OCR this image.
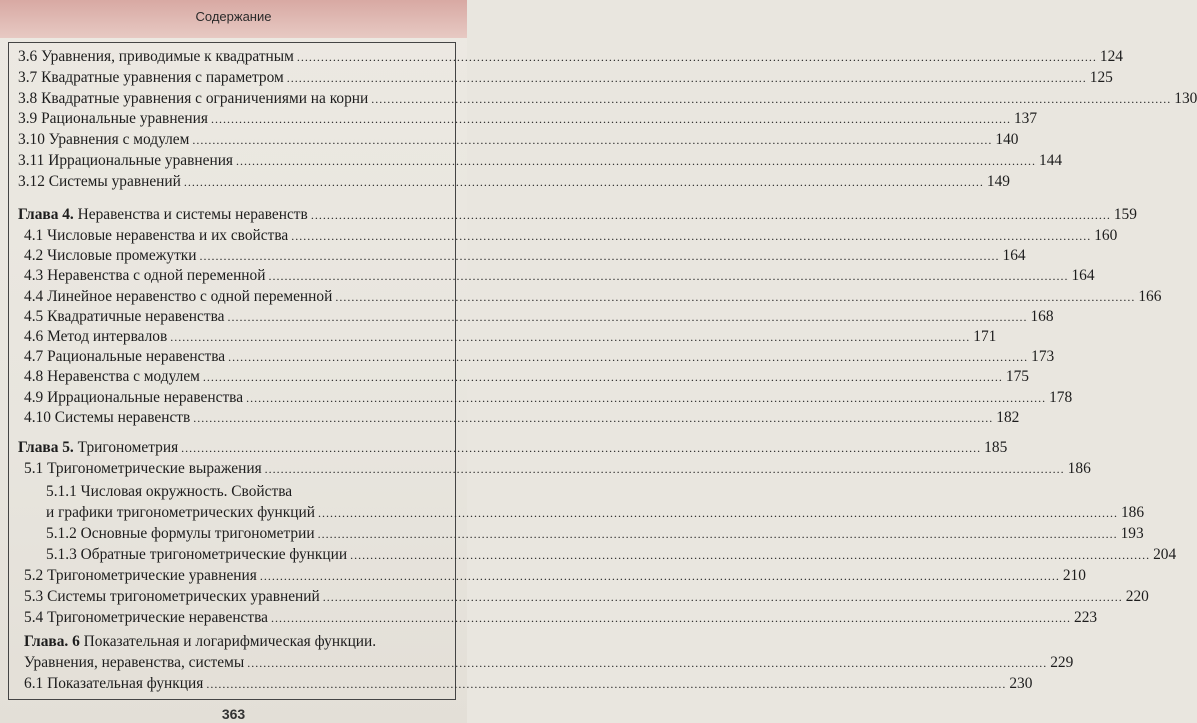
Содержание
3.6 Уравнения, приводимые к квадратным ........................................................................................................................................................................................................ 124
3.7 Квадратные уравнения с параметром ........................................................................................................................................................................................................ 125
3.8 Квадратные уравнения с ограничениями на корни ........................................................................................................................................................................................................ 130
3.9 Рациональные уравнения ........................................................................................................................................................................................................ 137
3.10 Уравнения с модулем ........................................................................................................................................................................................................ 140
3.11 Иррациональные уравнения ........................................................................................................................................................................................................ 144
3.12 Системы уравнений ........................................................................................................................................................................................................ 149
Глава 4. Неравенства и системы неравенств ........................................................................................................................................................................................................ 159
4.1 Числовые неравенства и их свойства ........................................................................................................................................................................................................ 160
4.2 Числовые промежутки ........................................................................................................................................................................................................ 164
4.3 Неравенства с одной переменной ........................................................................................................................................................................................................ 164
4.4 Линейное неравенство с одной переменной ........................................................................................................................................................................................................ 166
4.5 Квадратичные неравенства ........................................................................................................................................................................................................ 168
4.6 Метод интервалов ........................................................................................................................................................................................................ 171
4.7 Рациональные неравенства ........................................................................................................................................................................................................ 173
4.8 Неравенства с модулем ........................................................................................................................................................................................................ 175
4.9 Иррациональные неравенства ........................................................................................................................................................................................................ 178
4.10 Системы неравенств ........................................................................................................................................................................................................ 182
Глава 5. Тригонометрия ........................................................................................................................................................................................................ 185
5.1 Тригонометрические выражения ........................................................................................................................................................................................................ 186
5.1.1 Числовая окружность. Свойства
и графики тригонометрических функций ........................................................................................................................................................................................................ 186
5.1.2 Основные формулы тригонометрии ........................................................................................................................................................................................................ 193
5.1.3 Обратные тригонометрические функции ........................................................................................................................................................................................................ 204
5.2 Тригонометрические уравнения ........................................................................................................................................................................................................ 210
5.3 Системы тригонометрических уравнений ........................................................................................................................................................................................................ 220
5.4 Тригонометрические неравенства ........................................................................................................................................................................................................ 223
Глава. 6 Показательная и логарифмическая функции.
Уравнения, неравенства, системы ........................................................................................................................................................................................................ 229
6.1 Показательная функция ........................................................................................................................................................................................................ 230
363
